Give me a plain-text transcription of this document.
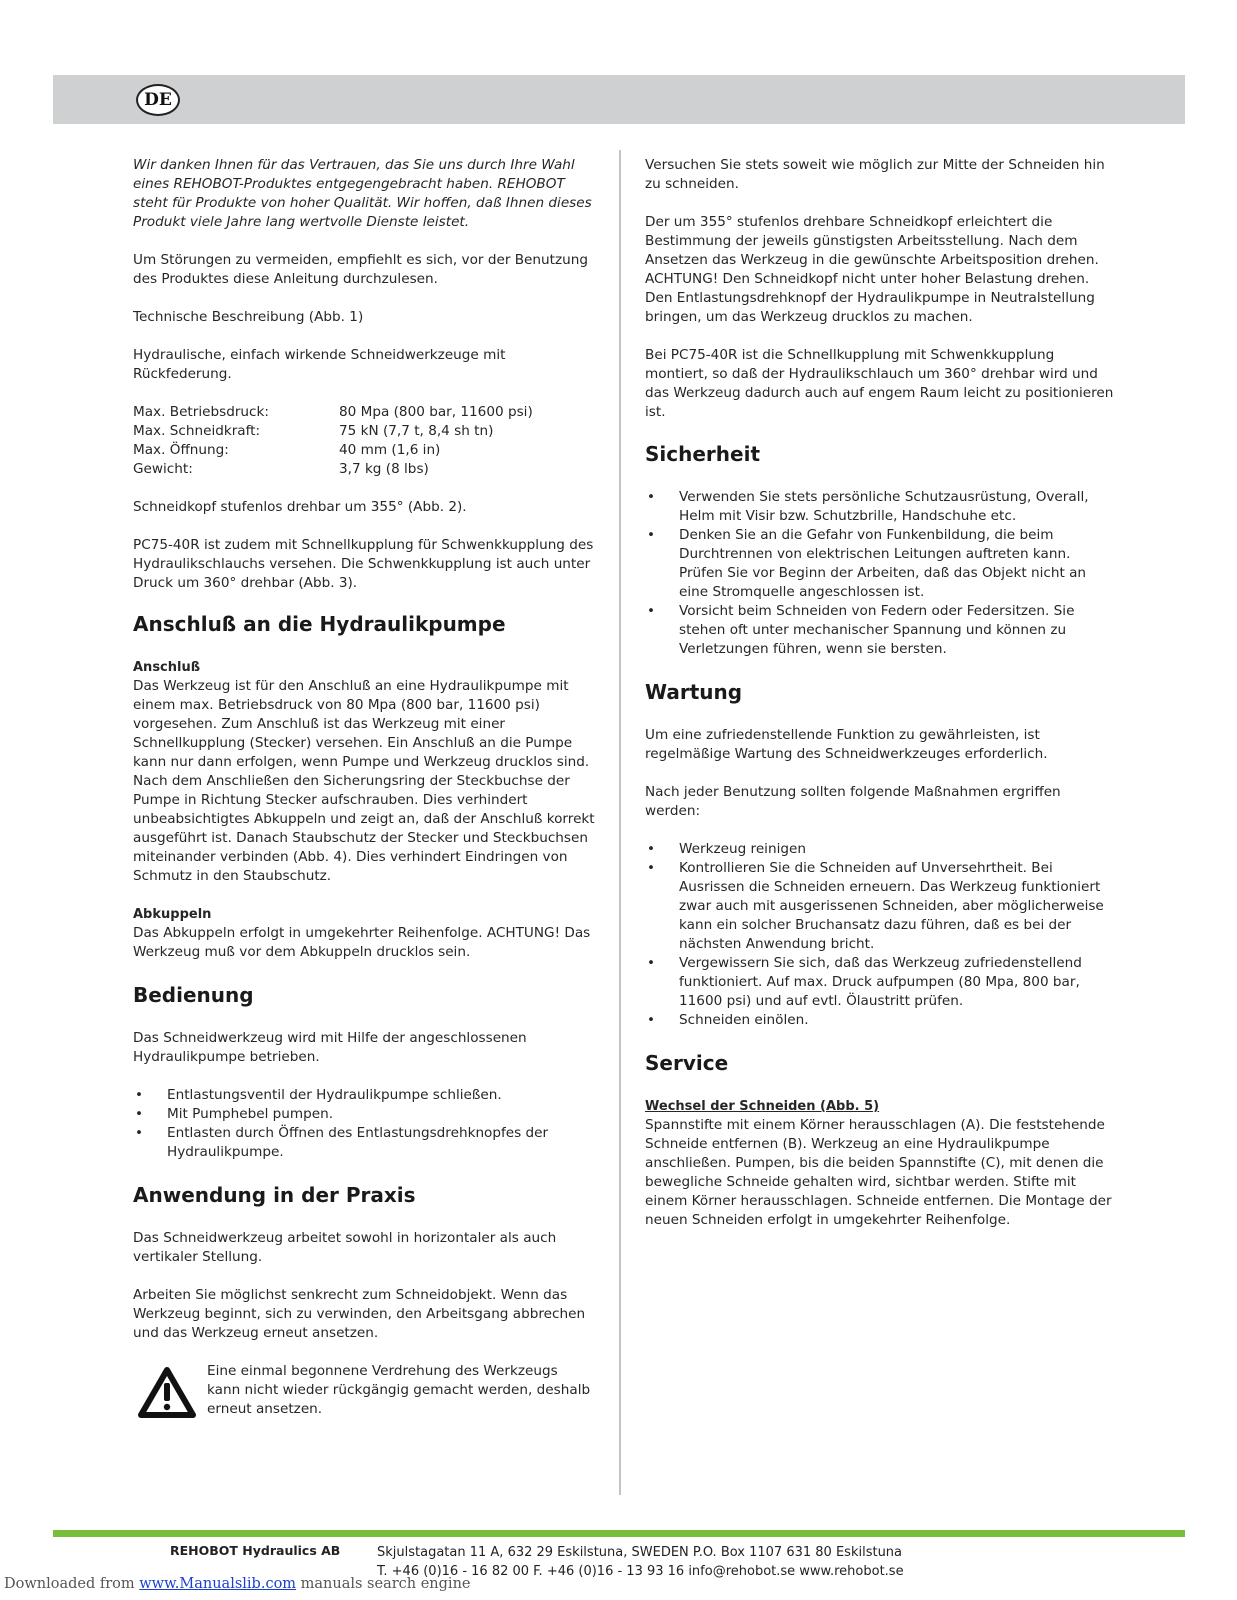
DE

Wir danken Ihnen für das Vertrauen, das Sie uns durch Ihre Wahl eines REHOBOT-Produktes entgegengebracht haben. REHOBOT steht für Produkte von hoher Qualität. Wir hoffen, daß Ihnen dieses Produkt viele Jahre lang wertvolle Dienste leistet.

Um Störungen zu vermeiden, empfiehlt es sich, vor der Benutzung des Produktes diese Anleitung durchzulesen.

Technische Beschreibung (Abb. 1)

Hydraulische, einfach wirkende Schneidwerkzeuge mit Rückfederung.

Max. Betriebsdruck:	80 Mpa (800 bar, 11600 psi)
Max. Schneidkraft:	75 kN (7,7 t, 8,4 sh tn)
Max. Öffnung:	40 mm (1,6 in)
Gewicht:	3,7 kg (8 lbs)

Schneidkopf stufenlos drehbar um 355° (Abb. 2).

PC75-40R ist zudem mit Schnellkupplung für Schwenkkupplung des Hydraulikschlauchs versehen. Die Schwenkkupplung ist auch unter Druck um 360° drehbar (Abb. 3).

Anschluß an die Hydraulikpumpe
Anschluß

Das Werkzeug ist für den Anschluß an eine Hydraulikpumpe mit einem max. Betriebsdruck von 80 Mpa (800 bar, 11600 psi) vorgesehen. Zum Anschluß ist das Werkzeug mit einer Schnellkupplung (Stecker) versehen. Ein Anschluß an die Pumpe kann nur dann erfolgen, wenn Pumpe und Werkzeug drucklos sind. Nach dem Anschließen den Sicherungsring der Steckbuchse der Pumpe in Richtung Stecker aufschrauben. Dies verhindert unbeabsichtigtes Abkuppeln und zeigt an, daß der Anschluß korrekt ausgeführt ist. Danach Staubschutz der Stecker und Steckbuchsen miteinander verbinden (Abb. 4). Dies verhindert Eindringen von Schmutz in den Staubschutz.

Abkuppeln

Das Abkuppeln erfolgt in umgekehrter Reihenfolge. ACHTUNG! Das Werkzeug muß vor dem Abkuppeln drucklos sein.

Bedienung

Das Schneidwerkzeug wird mit Hilfe der angeschlossenen Hydraulikpumpe betrieben.

• Entlastungsventil der Hydraulikpumpe schließen.
• Mit Pumphebel pumpen.
• Entlasten durch Öffnen des Entlastungsdrehknopfes der Hydraulikpumpe.
Anwendung in der Praxis

Das Schneidwerkzeug arbeitet sowohl in horizontaler als auch vertikaler Stellung.

Arbeiten Sie möglichst senkrecht zum Schneidobjekt. Wenn das Werkzeug beginnt, sich zu verwinden, den Arbeitsgang abbrechen und das Werkzeug erneut ansetzen.

Eine einmal begonnene Verdrehung des Werkzeugs kann nicht wieder rückgängig gemacht werden, deshalb erneut ansetzen.

Versuchen Sie stets soweit wie möglich zur Mitte der Schneiden hin zu schneiden.

Der um 355° stufenlos drehbare Schneidkopf erleichtert die Bestimmung der jeweils günstigsten Arbeitsstellung. Nach dem Ansetzen das Werkzeug in die gewünschte Arbeitsposition drehen. ACHTUNG! Den Schneidkopf nicht unter hoher Belastung drehen. Den Entlastungsdrehknopf der Hydraulikpumpe in Neutralstellung bringen, um das Werkzeug drucklos zu machen.

Bei PC75-40R ist die Schnellkupplung mit Schwenkkupplung montiert, so daß der Hydraulikschlauch um 360° drehbar wird und das Werkzeug dadurch auch auf engem Raum leicht zu positionieren ist.

Sicherheit
• Verwenden Sie stets persönliche Schutzausrüstung, Overall, Helm mit Visir bzw. Schutzbrille, Handschuhe etc.
• Denken Sie an die Gefahr von Funkenbildung, die beim Durchtrennen von elektrischen Leitungen auftreten kann.
Prüfen Sie vor Beginn der Arbeiten, daß das Objekt nicht an eine Stromquelle angeschlossen ist.
• Vorsicht beim Schneiden von Federn oder Federsitzen. Sie stehen oft unter mechanischer Spannung und können zu Verletzungen führen, wenn sie bersten.
Wartung

Um eine zufriedenstellende Funktion zu gewährleisten, ist regelmäßige Wartung des Schneidwerkzeuges erforderlich.

Nach jeder Benutzung sollten folgende Maßnahmen ergriffen werden:

• Werkzeug reinigen
• Kontrollieren Sie die Schneiden auf Unversehrtheit. Bei Ausrissen die Schneiden erneuern. Das Werkzeug funktioniert zwar auch mit ausgerissenen Schneiden, aber möglicherweise kann ein solcher Bruchansatz dazu führen, daß es bei der nächsten Anwendung bricht.
• Vergewissern Sie sich, daß das Werkzeug zufriedenstellend funktioniert. Auf max. Druck aufpumpen (80 Mpa, 800 bar, 11600 psi) und auf evtl. Ölaustritt prüfen.
• Schneiden einölen.
Service
Wechsel der Schneiden (Abb. 5)

Spannstifte mit einem Körner herausschlagen (A). Die feststehende Schneide entfernen (B). Werkzeug an eine Hydraulikpumpe anschließen. Pumpen, bis die beiden Spannstifte (C), mit denen die bewegliche Schneide gehalten wird, sichtbar werden. Stifte mit einem Körner herausschlagen. Schneide entfernen. Die Montage der neuen Schneiden erfolgt in umgekehrter Reihenfolge.

REHOBOT Hydraulics AB	Skjulstagatan 11 A, 632 29 Eskilstuna, SWEDEN P.O. Box 1107 631 80 Eskilstuna
T. +46 (0)16 - 16 82 00 F. +46 (0)16 - 13 93 16 info@rehobot.se www.rehobot.se
Downloaded from www.Manualslib.com manuals search engine
